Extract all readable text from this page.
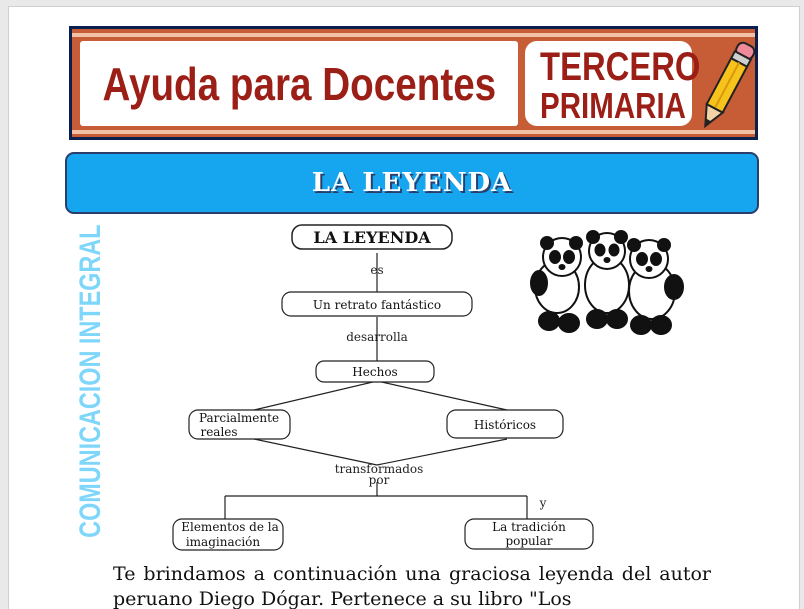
Ayuda para Docentes TERCERO
PRIMARIA
LA LEYENDA
COMUNICACION INTEGRAL	LA LEYENDA
es
Un retrato fantástico
desarrolla
Hechos
Parcialmente
reales	Históricos
transformados
por
y
Elementos de la
imaginación
La tradición
popular
Te brindamos a continuación una graciosa leyenda del autor peruano Diego Dógar. Pertenece a su libro "Los
